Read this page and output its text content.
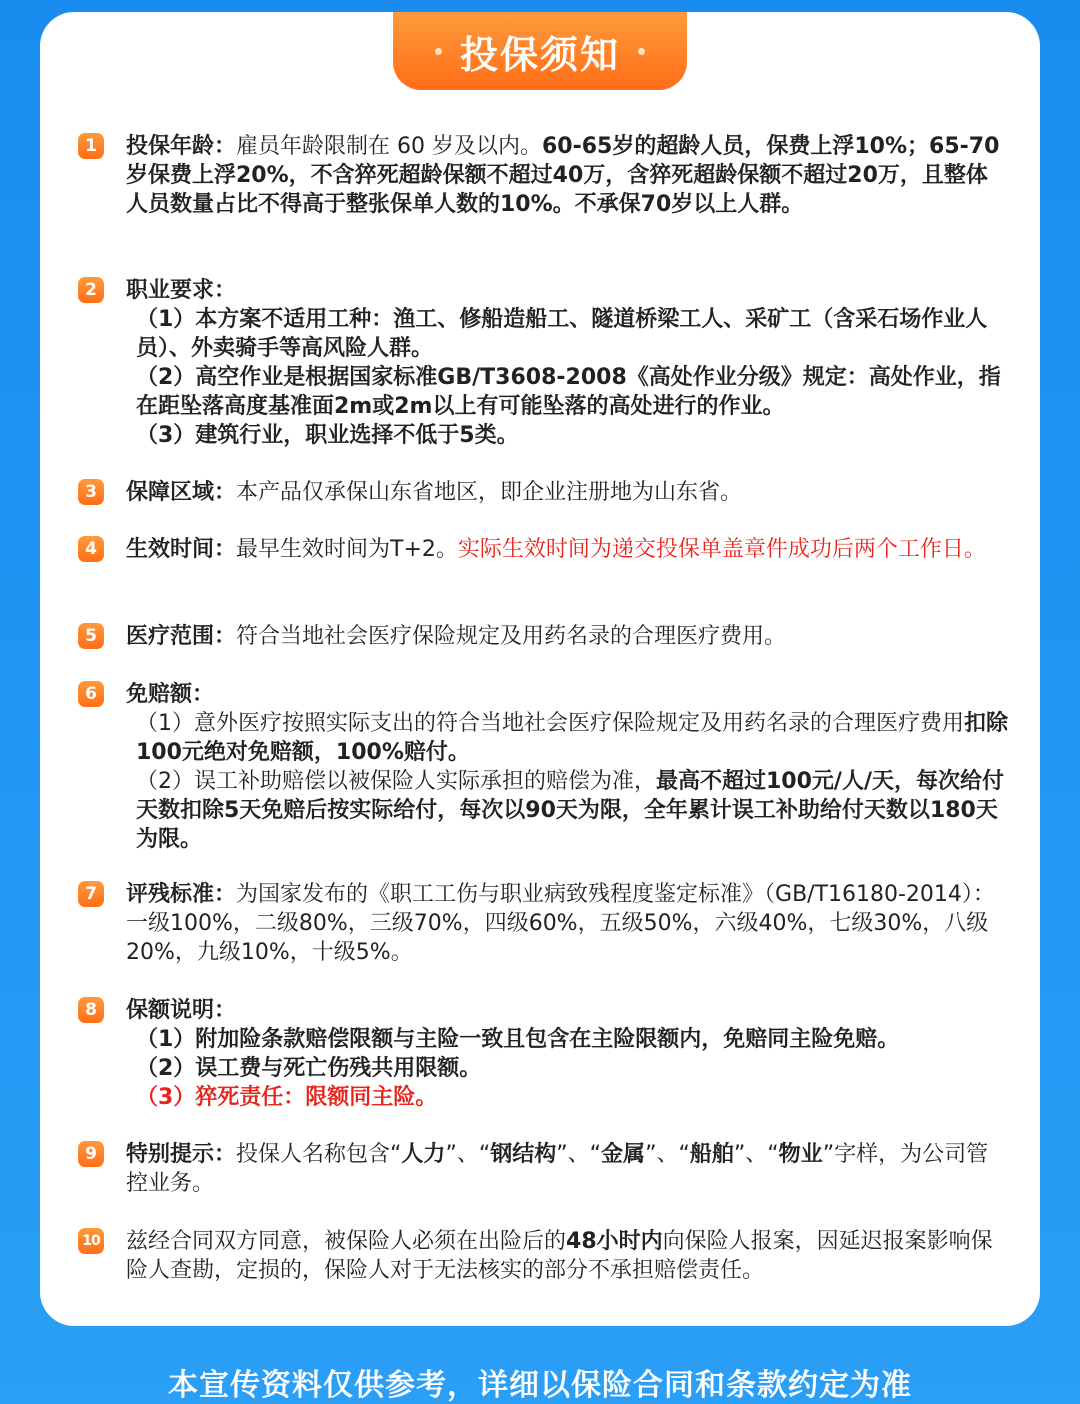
投保须知
1	投保年龄：雇员年龄限制在 60 岁及以内。60-65岁的超龄人员，保费上浮10%；65-70岁保费上浮20%，不含猝死超龄保额不超过40万，含猝死超龄保额不超过20万，且整体人员数量占比不得高于整张保单人数的10%。不承保70岁以上人群。
2	职业要求：

（1）本方案不适用工种：渔工、修船造船工、隧道桥梁工人、采矿工（含采石场作业人员）、外卖骑手等高风险人群。

（2）高空作业是根据国家标准GB/T3608-2008《高处作业分级》规定：高处作业，指在距坠落高度基准面2m或2m以上有可能坠落的高处进行的作业。

（3）建筑行业，职业选择不低于5类。

3	保障区域：本产品仅承保山东省地区，即企业注册地为山东省。
4	生效时间：最早生效时间为T+2。实际生效时间为递交投保单盖章件成功后两个工作日。
5	医疗范围：符合当地社会医疗保险规定及用药名录的合理医疗费用。
6	免赔额：

（1）意外医疗按照实际支出的符合当地社会医疗保险规定及用药名录的合理医疗费用扣除100元绝对免赔额，100%赔付。

（2）误工补助赔偿以被保险人实际承担的赔偿为准，最高不超过100元/人/天，每次给付天数扣除5天免赔后按实际给付，每次以90天为限，全年累计误工补助给付天数以180天为限。

7	评残标准：为国家发布的《职工工伤与职业病致残程度鉴定标准》（GB/T16180-2014）：一级100%，二级80%，三级70%，四级60%，五级50%，六级40%，七级30%，八级20%，九级10%，十级5%。
8	保额说明：

（1）附加险条款赔偿限额与主险一致且包含在主险限额内，免赔同主险免赔。

（2）误工费与死亡伤残共用限额。

（3）猝死责任：限额同主险。

9	特别提示：投保人名称包含“人力”、“钢结构”、“金属”、“船舶”、“物业”字样，为公司管控业务。
10 兹经合同双方同意，被保险人必须在出险后的48小时内向保险人报案，因延迟报案影响保险人查勘，定损的，保险人对于无法核实的部分不承担赔偿责任。
本宣传资料仅供参考，详细以保险合同和条款约定为准
